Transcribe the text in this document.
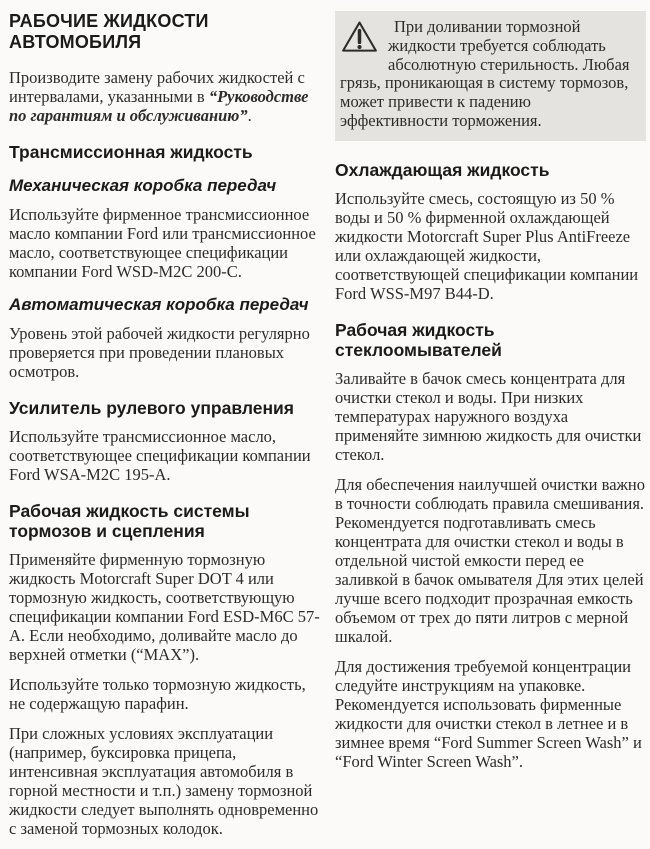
РАБОЧИЕ ЖИДКОСТИ АВТОМОБИЛЯ

Производите замену рабочих жидкостей с интервалами, указанными в “Руководстве по гарантиям и обслуживанию”.

Трансмиссионная жидкость
Механическая коробка передач

Используйте фирменное трансмиссионное масло компании Ford или трансмиссионное масло, соответствующее спецификации компании Ford WSD-M2C 200-C.

Автоматическая коробка передач

Уровень этой рабочей жидкости регулярно проверяется при проведении плановых осмотров.

Усилитель рулевого управления

Используйте трансмиссионное масло, соответствующее спецификации компании Ford WSA-M2C 195-A.

Рабочая жидкость системы тормозов и сцепления

Применяйте фирменную тормозную жидкость Motorcraft Super DOT 4 или тормозную жидкость, соответствующую спецификации компании Ford ESD-M6C 57-A. Если необходимо, доливайте масло до верхней отметки (“MAX”).

Используйте только тормозную жидкость, не содержащую парафин.

При сложных условиях эксплуатации (например, буксировка прицепа, интенсивная эксплуатация автомобиля в горной местности и т.п.) замену тормозной жидкости следует выполнять одновременно с заменой тормозных колодок.

При доливании тормозной жидкости требуется соблюдать абсолютную стерильность. Любая грязь, проникающая в систему тормозов, может привести к падению эффективности торможения.

Охлаждающая жидкость

Используйте смесь, состоящую из 50 % воды и 50 % фирменной охлаждающей жидкости Motorcraft Super Plus AntiFreeze или охлаждающей жидкости, соответствующей спецификации компании Ford WSS-M97 B44-D.

Рабочая жидкость стеклоомывателей

Заливайте в бачок смесь концентрата для очистки стекол и воды. При низких температурах наружного воздуха применяйте зимнюю жидкость для очистки стекол.

Для обеспечения наилучшей очистки важно в точности соблюдать правила смешивания. Рекомендуется подготавливать смесь концентрата для очистки стекол и воды в отдельной чистой емкости перед ее заливкой в бачок омывателя Для этих целей лучше всего подходит прозрачная емкость объемом от трех до пяти литров с мерной шкалой.

Для достижения требуемой концентрации следуйте инструкциям на упаковке. Рекомендуется использовать фирменные жидкости для очистки стекол в летнее и в зимнее время “Ford Summer Screen Wash” и “Ford Winter Screen Wash”.
